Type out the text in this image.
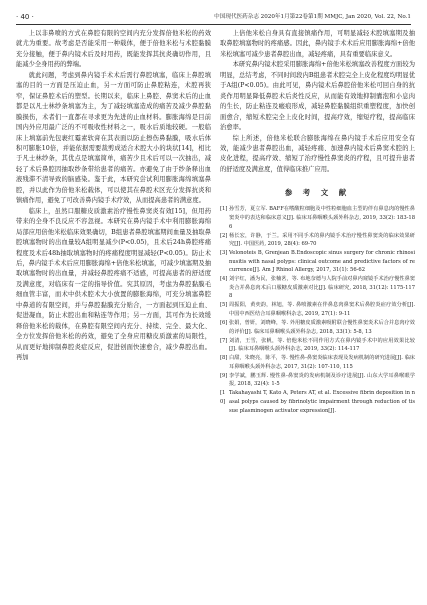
· 40 ·	中国现代医药杂志 2020年1月第22卷第1期 MMJC, Jan 2020, Vol. 22, No.1

上以非鼻喷的方式在鼻腔有限的空间内充分发挥倍他米松的药效就尤为重要。故考虑是否能采用一种载体，便于倍他米松与术腔黏膜充分接触，便于鼻内镜术后及时用药，既能发挥其抗炎确切作用，且能减少全身用药的弊端。

就此问题，考虑到鼻内镜手术术后需行鼻腔填塞，临床上鼻腔填塞的目的一方面是压迫止血，另一方面可防止鼻腔粘连，术腔再狭窄，保证鼻腔术后的塑型。长期以来，临床上鼻腔、鼻窦术后的止血都是以凡士林纱条填塞为主，为了减轻填塞造成的痛苦及减少鼻腔黏膜损伤，术者们一直都在寻求更为先进的止血材料。膨胀海绵是目前国内外应用最广泛的不可吸收性材料之一，吸水后质地较硬。一般临床上填塞前先包裹红霉素软膏在其表面以防止擦伤鼻黏膜，吸水后体积可膨胀10倍，并能依据需要裁剪成适合术腔大小的块状[14]，相比于凡士林纱条，其优点是填塞简单，痛苦少且术后可以一次抽出，减轻了术后鼻腔因抽取纱条带给患者的痛苦。亦避免了由于纱条释出血液残滞不清导致的脑感染。鉴于此，本研究尝试利用膨胀海绵填塞鼻腔，并以此作为倍他米松载体，可以使其在鼻腔术区充分发挥抗炎和镇痛作用，避免了可改善鼻内镜手术疗效，从而提高患者的满意度。

临床上，虽然口服糖皮质激素治疗慢性鼻窦炎有效[15]，但用药带来的全身不良反应不容忽视。本研究在鼻内镜手术中利用膨胀海绵局部应用倍他米松临床效果确切，B组患者鼻腔填塞期间血量及抽取鼻腔填塞物时的出血量较A组明显减少(P<0.05)，且术后24h鼻腔疼痛程度及术后48h抽取填塞物时的疼痛程度明显减轻(P<0.05)。防止术后，鼻内镜手术术后应用膨胀海绵+倍他米松填塞，可减少填塞期及抽取填塞物时的出血量，并减轻鼻腔疼痛不适感，可提高患者的舒适度及满意度，对临床有一定的指导价值。究其原因，考虑为鼻腔黏膜毛细血管丰富，而术中供术腔术大小放置的膨胀海绵，可充分填塞鼻腔中鼻道的有限空间，并与鼻腔黏膜充分贴合，一方面起到压迫止血、促进凝血，防止术腔出血和粘连等作用；另一方面，其可作为长效缓释倍他米松的载体，在鼻腔有限空间内充分、持续、完全、最大化、全方位发挥倍他米松的药效，避免了全身应用糖皮质激素的局限性，从而更好地抑制鼻腔炎症反应，促进创面快速愈合，减少鼻腔出血。再加

上倍他米松自身具有直接镇痛作用，可明显减轻术腔填塞期及抽取鼻腔填塞物时的疼痛感。因此，鼻内镜手术术后应用膨胀海绵+倍他米松填塞可减少患者鼻腔出血，减轻疼痛，具有重要临床意义。

本研究鼻内镜术腔采用膨胀海绵+倍他米松填塞改善程度方面较为明显，总结考虑，不同时间段内B组患者术腔完全上皮化程度均明显优于A组(P<0.05)。由此可见，鼻内镜术后鼻腔倍他米松可回自身的抗炎作用明显降低鼻腔术后炎性反应，从而能有效地抑制囊泡和小息肉的生长，防止粘连及瘢痕形成，减轻鼻腔黏膜组织重塑程度，加快创面愈合，缩短术腔完全上皮化时间，提高疗效，缩短疗程，提高临床治愈率。

综上所述，倍他米松联合膨胀海绵在鼻内镜手术后应用安全有效，能减少患者鼻腔出血，减轻疼痛、加速鼻内镜术后鼻窦术腔的上皮化进程，提高疗效、缩短了治疗慢性鼻窦炎的疗程，且可提升患者的舒适度及满意度，值得临床推广应用。

参 考 文 献
[1] 孙雪芳，夏立军. BAFF在嗜酸粒细胞及中性粒细胞血主型的伴有鼻息肉的慢性鼻窦炎中的表达和临床意义[J]. 临床耳鼻咽喉头颈外科杂志, 2019, 33(2): 183-186
[2] 杨长宏，许静，于兰。采用不同手术的鼻内镜手术治疗慢性鼻窦炎的临床效果研究[J]. 中国医药, 2019, 28(4): 69-70
[3] Velonoteis B, Grenjean B.Endoscopic sinus surgery for chronic rhinosinusitis with nasal polyps: clinical outcome and predictive factors of recurrence[J]. Am J Rhinol Allergy, 2017, 31(1): 56-62
[4] 刘宇红，潘为民，张楠茗，等. 布地奈德与人院手前对鼻内窥镜手术治疗慢性鼻窦炎合并鼻息肉术后口服糖皮质激素对比[J]. 临床研究, 2018, 31(12): 1175-1178
[5] 周振阳，黄奕韵，林旭，等. 鼻喷激素在伴鼻息肉鼻窦术后鼻腔炎症疗效分析[J]. 中国中西医结合耳鼻咽喉科杂志, 2019, 27(1): 9-11
[6] 张娟，曾妍，刘晓峰，等. 外用糖皮质激素吸附联合慢性鼻窦炎术后合并息肉疗效的评价[J]. 临床耳鼻咽喉头颈外科杂志, 2018, 33(1): 5-8, 13
[7] 刘清，王雪，张帆，等. 倍他米松不同作用方式在鼻内镜手术中的应用效果比较[J]. 临床耳鼻咽喉头颈外科杂志, 2019, 33(2): 114-117
[8] 白甜，朱晓亮，陈平，等. 慢性鼻-鼻窦炎临床表现及发病机制的研究进展[J]. 临床耳鼻咽喉头颈外科杂志, 2017, 31(2): 107-110, 115
[9] 李学斌，鹏玉辉. 慢性鼻-鼻窦炎的发病机制及诊疗进展[J]. 山东大学耳鼻喉眼学报, 2018, 32(4): 1-5
[10]
Takahayashi T, Kato A, Peters AT, et al. Excessive fibrin deposition in nasal polyps caused by fibrinolytic impairment through reduction of tissue plasminogen activator expression[J].
